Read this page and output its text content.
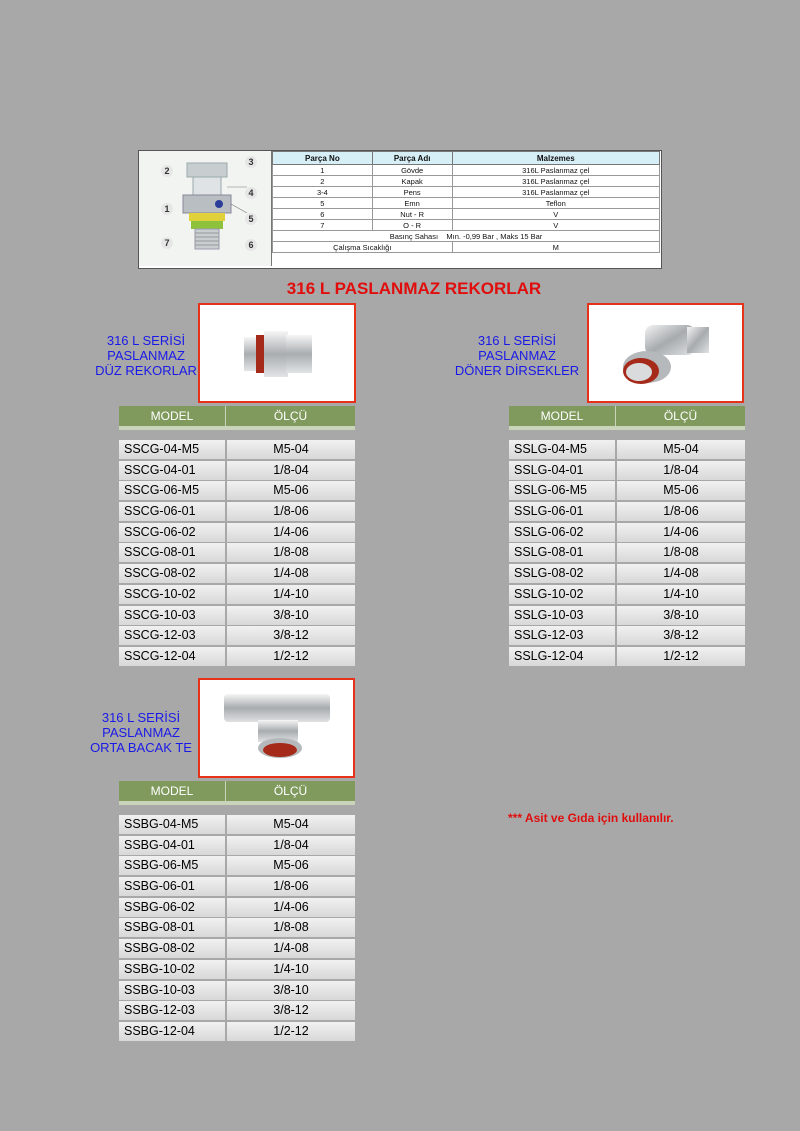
2
3
4
1
5
7	6
Parça No	Parça Adı	Malzemes
1	Gövde	316L Paslanmaz çel
2	Kapak	316L Paslanmaz çel
3-4	Pens	316L Paslanmaz çel
5	Emn	Teflon
6	Nut - R	V
7	O - R	V
Basınç Sahası Mın. -0,99 Bar , Maks 15 Bar		
Çalışma Sıcaklığı		M
316 L PASLANMAZ REKORLAR
316 L SERİSİ
PASLANMAZ
DÜZ REKORLAR
MODEL	ÖLÇÜ
SSCG-04-M5	M5-04
SSCG-04-01	1/8-04
SSCG-06-M5	M5-06
SSCG-06-01	1/8-06
SSCG-06-02	1/4-06
SSCG-08-01	1/8-08
SSCG-08-02	1/4-08
SSCG-10-02	1/4-10
SSCG-10-03	3/8-10
SSCG-12-03	3/8-12
SSCG-12-04	1/2-12
316 L SERİSİ
PASLANMAZ
DÖNER DİRSEKLER
MODEL	ÖLÇÜ
SSLG-04-M5	M5-04
SSLG-04-01	1/8-04
SSLG-06-M5	M5-06
SSLG-06-01	1/8-06
SSLG-06-02	1/4-06
SSLG-08-01	1/8-08
SSLG-08-02	1/4-08
SSLG-10-02	1/4-10
SSLG-10-03	3/8-10
SSLG-12-03	3/8-12
SSLG-12-04	1/2-12
316 L SERİSİ
PASLANMAZ
ORTA BACAK TE
MODEL	ÖLÇÜ
SSBG-04-M5	M5-04
SSBG-04-01	1/8-04
SSBG-06-M5	M5-06
SSBG-06-01	1/8-06
SSBG-06-02	1/4-06
SSBG-08-01	1/8-08
SSBG-08-02	1/4-08
SSBG-10-02	1/4-10
SSBG-10-03	3/8-10
SSBG-12-03	3/8-12
SSBG-12-04	1/2-12
*** Asit ve Gıda için kullanılır.
